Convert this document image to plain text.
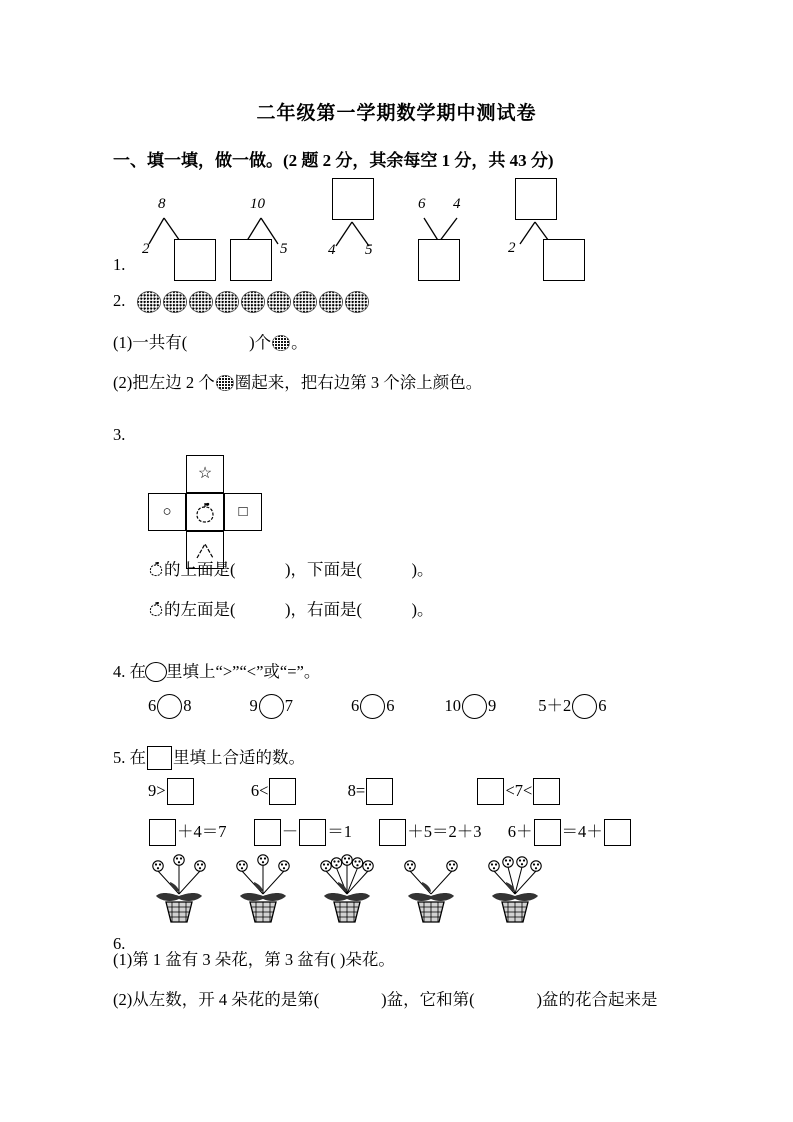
二年级第一学期数学期中测试卷
一、填一填，做一做。(2 题 2 分，其余每空 1 分，共 43 分)
1.
8
2
10
5	4 5
6 4
2
2.
(1)一共有(	)个 。
(2)把左边 2 个 圈起来，把右边第 3 个涂上颜色。
3.
☆
○	□
的上面是(	)，下面是(	)。
的左面是(	)，右面是(	)。
4. 在 里填上“>”“<”或“=”。
6 8	9 7	6 6	10 9	5＋2 6
5. 在 里填上合适的数。
9>	6<	8=	<7<
＋4＝7	－ ＝1	＋5＝2＋3 6＋ ＝4＋
6.
(1)第 1 盆有 3 朵花，第 3 盆有( )朵花。
(2)从左数，开 4 朵花的是第(	)盆，它和第(	)盆的花合起来是
